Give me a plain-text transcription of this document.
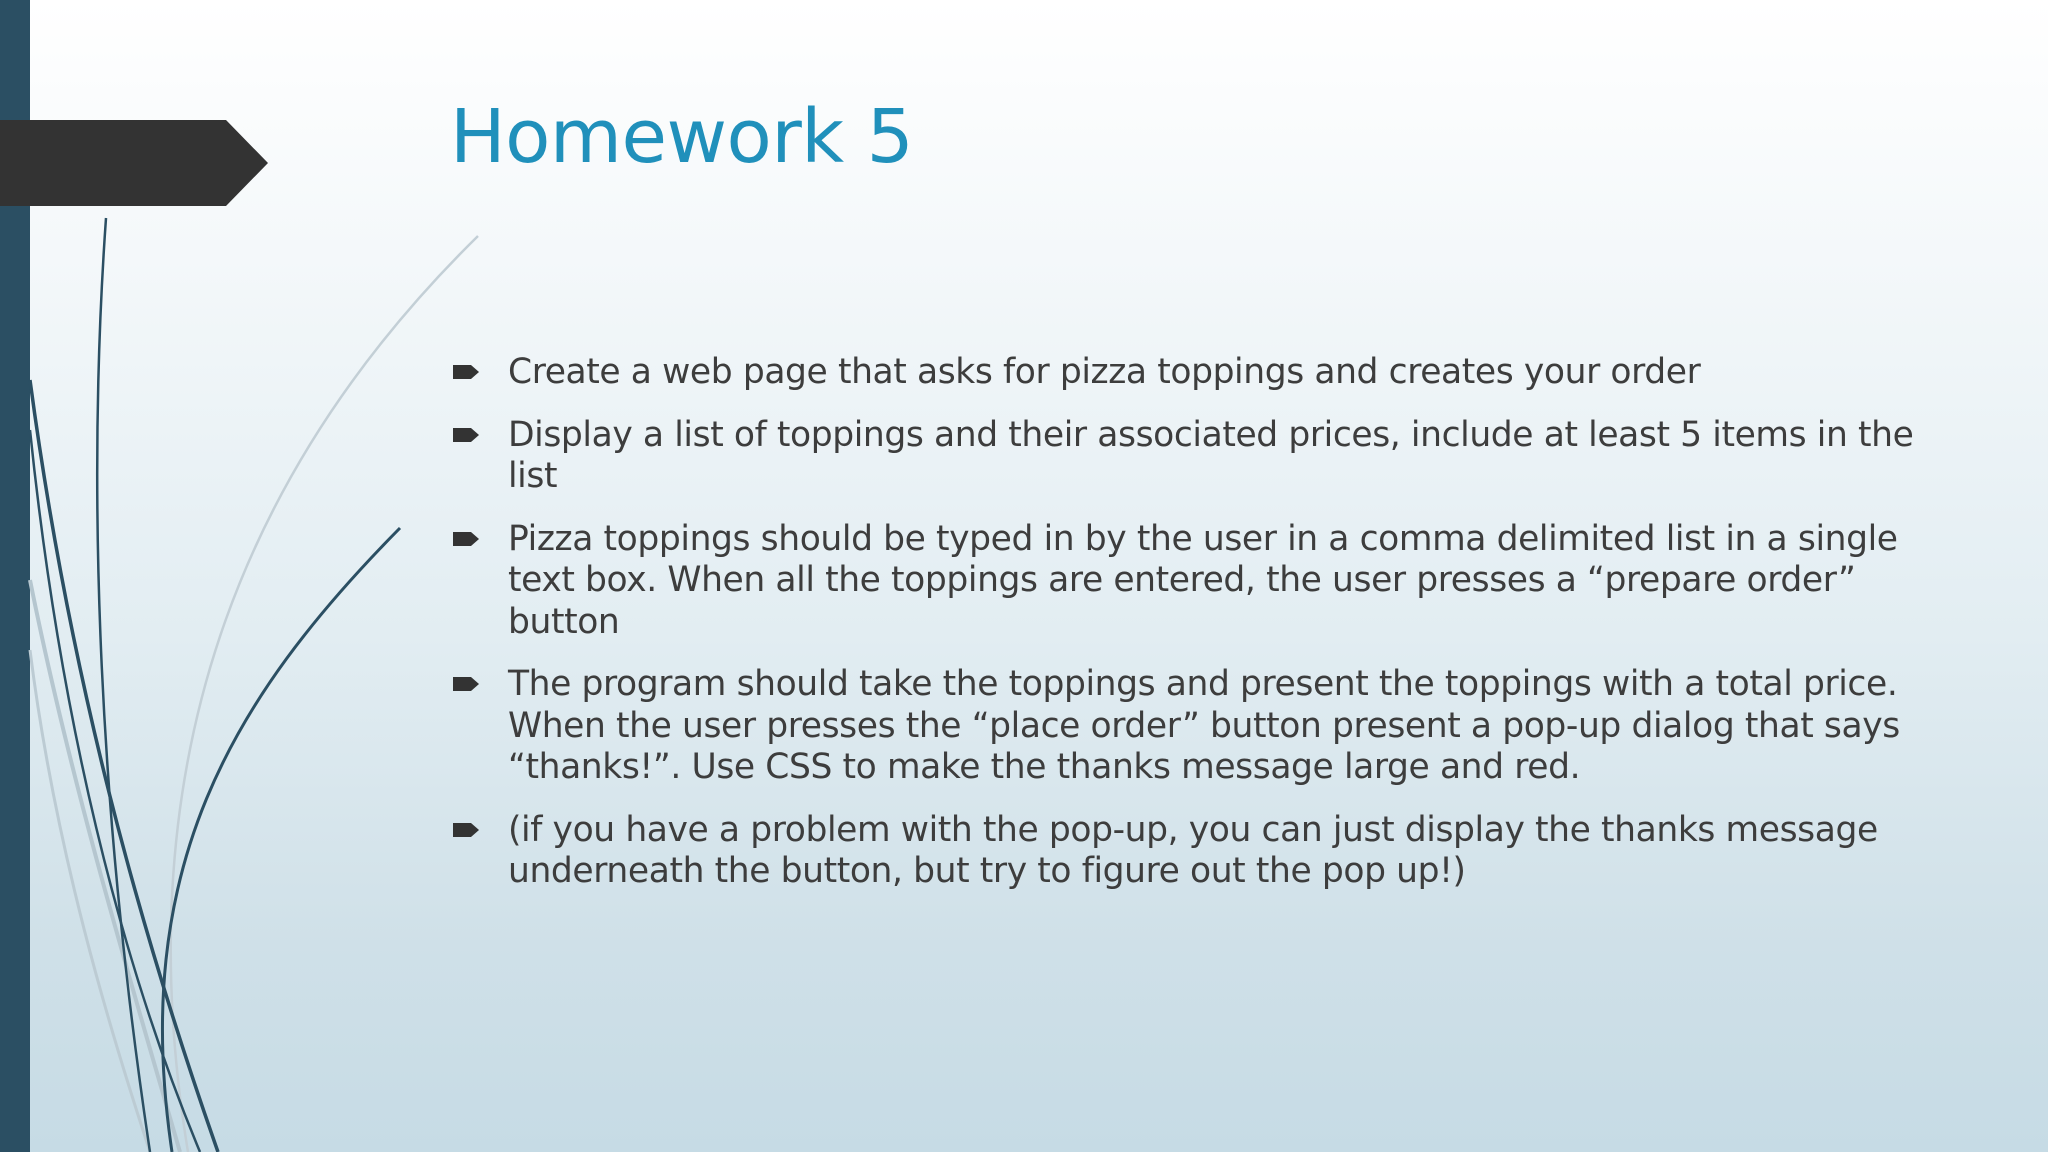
Homework 5
Create a web page that asks for pizza toppings and creates your order
Display a list of toppings and their associated prices, include at least 5 items in the list
Pizza toppings should be typed in by the user in a comma delimited list in a single text box. When all the toppings are entered, the user presses a “prepare order” button
The program should take the toppings and present the toppings with a total price. When the user presses the “place order” button present a pop-up dialog that says “thanks!”. Use CSS to make the thanks message large and red.
(if you have a problem with the pop-up, you can just display the thanks message underneath the button, but try to figure out the pop up!)
